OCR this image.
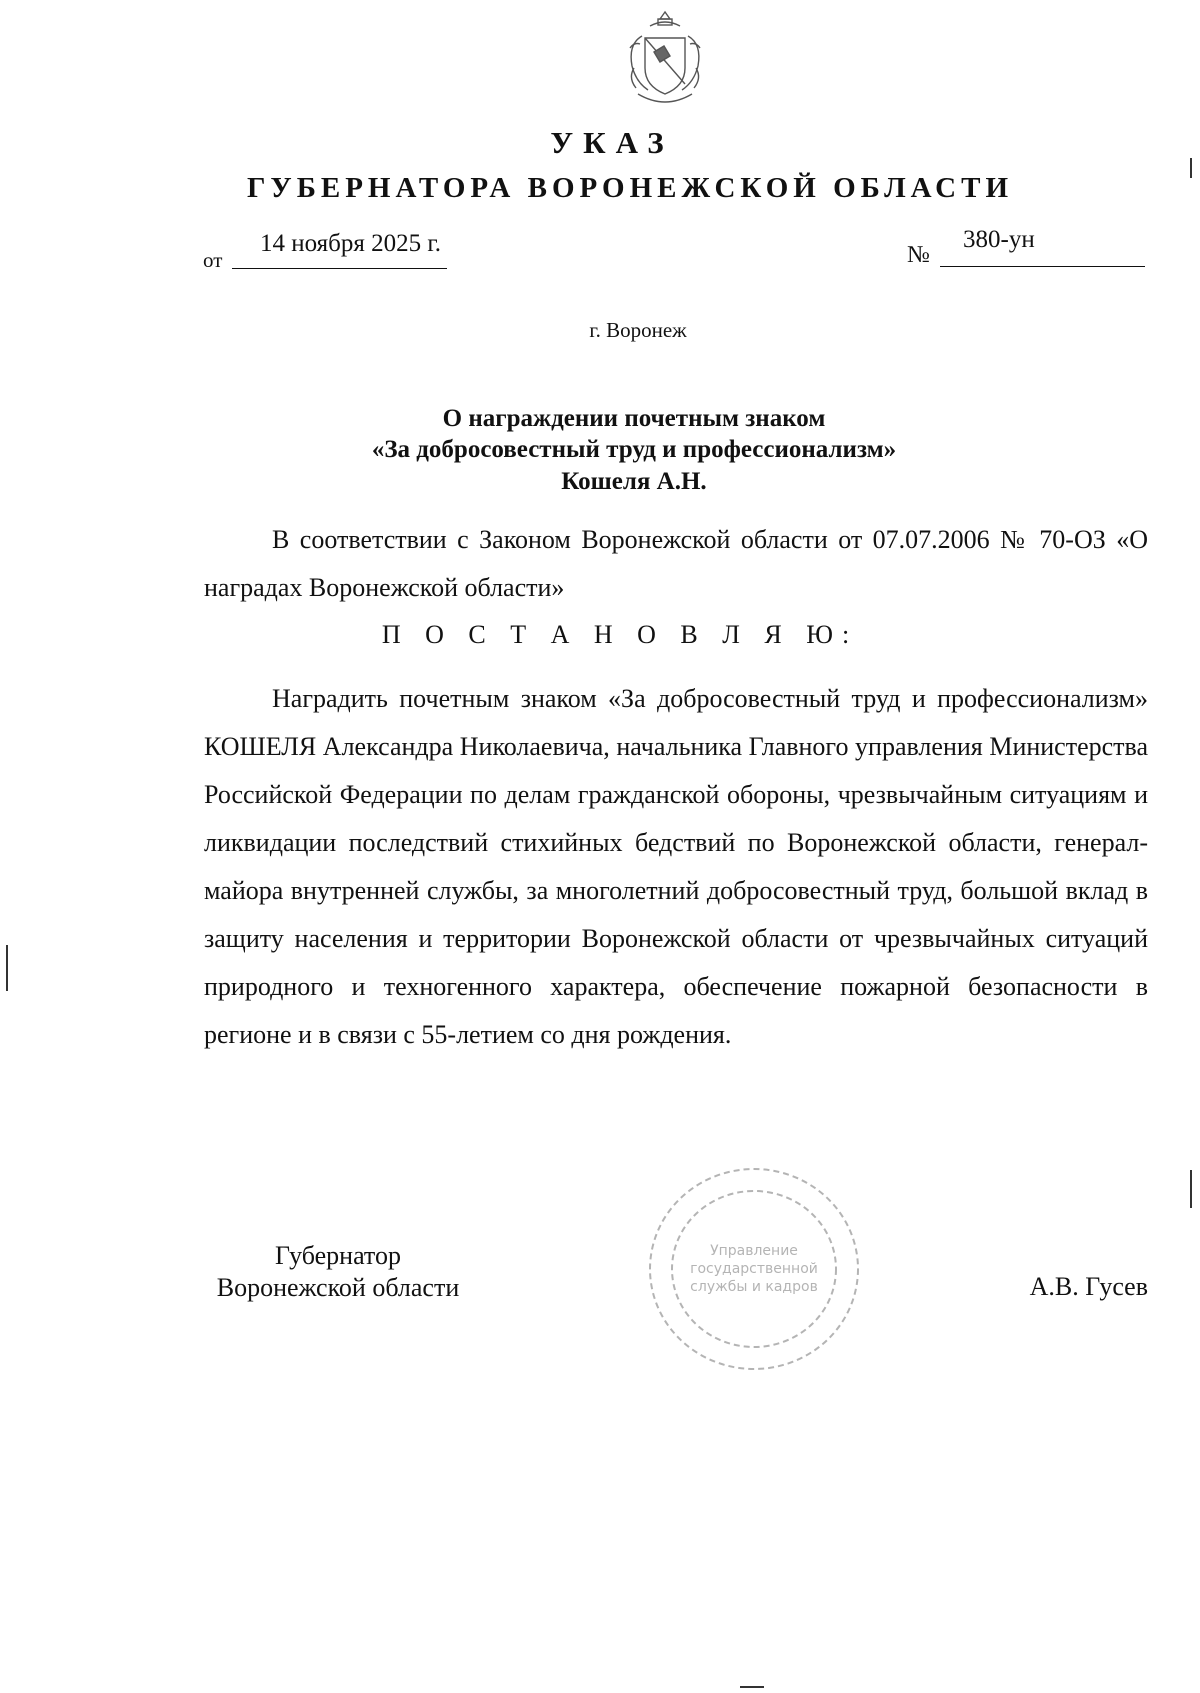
УКАЗ
ГУБЕРНАТОРА ВОРОНЕЖСКОЙ ОБЛАСТИ
от
14 ноября 2025 г.	№
380-ун
г. Воронеж
О награждении почетным знаком
«За добросовестный труд и профессионализм»
Кошеля А.Н.

В соответствии с Законом Воронежской области от 07.07.2006 № 70-ОЗ «О наградах Воронежской области»

П О С Т А Н О В Л Я Ю:

Наградить почетным знаком «За добросовестный труд и профессионализм» КОШЕЛЯ Александра Николаевича, начальника Главного управления Министерства Российской Федерации по делам гражданской обороны, чрезвычайным ситуациям и ликвидации последствий стихийных бедствий по Воронежской области, генерал-майора внутренней службы, за многолетний добросовестный труд, большой вклад в защиту населения и территории Воронежской области от чрезвычайных ситуаций природного и техногенного характера, обеспечение пожарной безопасности в регионе и в связи с 55-летием со дня рождения.

Управление
государственной
службы и кадров
Губернатор
Воронежской области	А.В. Гусев
